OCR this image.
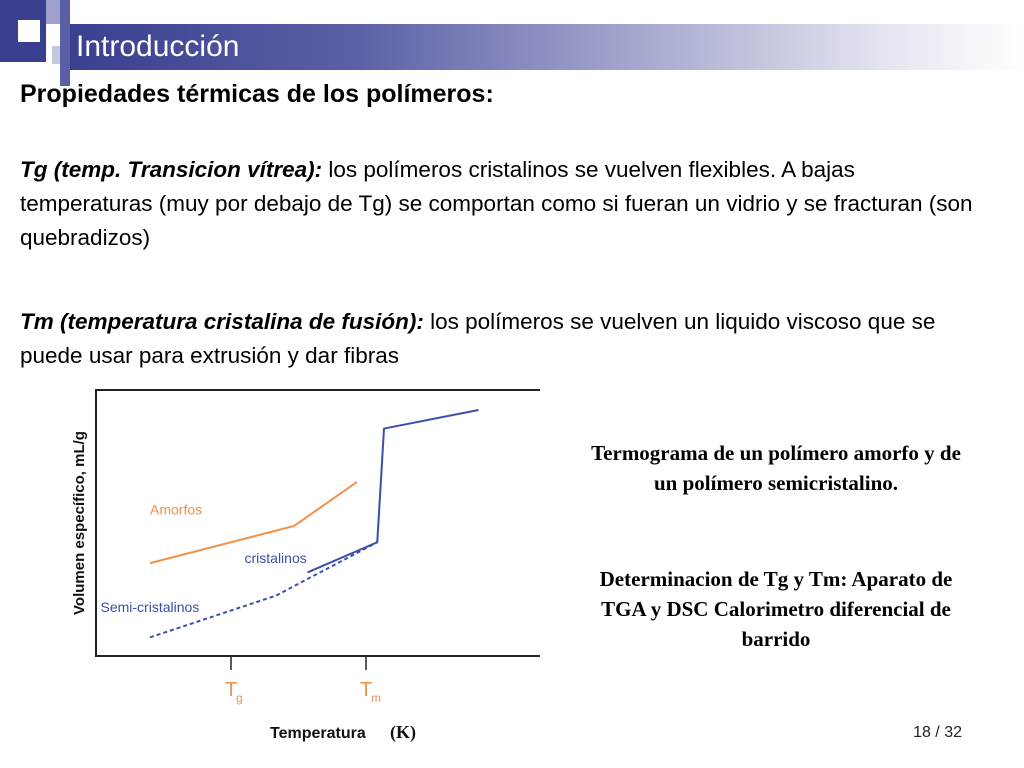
Introducción
Propiedades térmicas de los polímeros:

Tg (temp. Transicion vítrea): los polímeros cristalinos se vuelven flexibles. A bajas temperaturas (muy por debajo de Tg) se comportan como si fueran un vidrio y se fracturan (son quebradizos)

Tm (temperatura cristalina de fusión): los polímeros se vuelven un liquido viscoso que se puede usar para extrusión y dar fibras

T
g	T
m
Temperatura (K)
Volumen específico, mL/g	Amorfos
cristalinos
Semi-cristalinos
Termograma de un polímero amorfo y de un polímero semicristalino.
Determinacion de Tg y Tm: Aparato de TGA y DSC Calorimetro diferencial de barrido
18 / 32
